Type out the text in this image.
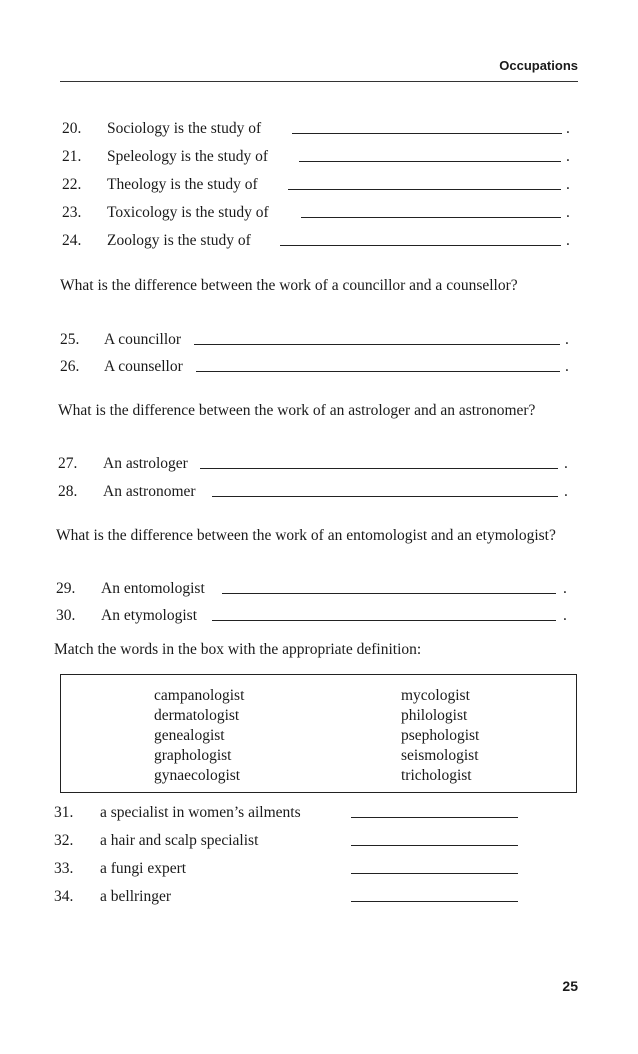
Occupations
20. Sociology is the study of	.
21. Speleology is the study of	.
22. Theology is the study of	.
23. Toxicology is the study of	.
24. Zoology is the study of	.
What is the difference between the work of a councillor and a counsellor?
25. A councillor	.
26. A counsellor	.
What is the difference between the work of an astrologer and an astronomer?
27. An astrologer	.
28. An astronomer	.
What is the difference between the work of an entomologist and an etymologist?
29. An entomologist	.
30. An etymologist	.
Match the words in the box with the appropriate definition:
campanologist
dermatologist
genealogist
graphologist
gynaecologist
mycologist
philologist
psephologist
seismologist
trichologist
31. a specialist in women’s ailments
32. a hair and scalp specialist
33. a fungi expert
34. a bellringer
25
